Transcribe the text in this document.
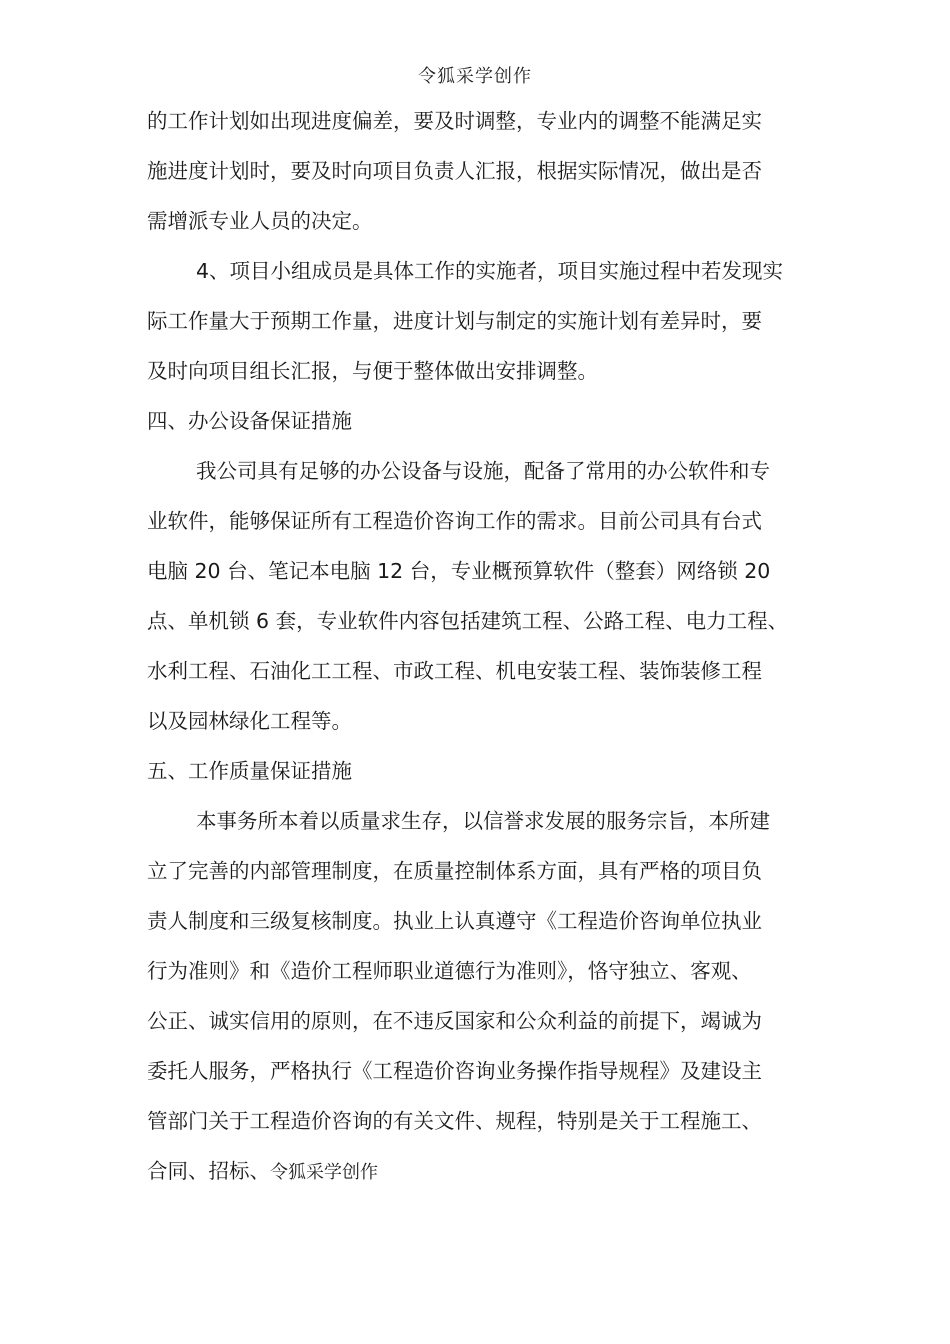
令狐采学创作
的工作计划如出现进度偏差，要及时调整，专业内的调整不能满足实
施进度计划时，要及时向项目负责人汇报，根据实际情况，做出是否
需增派专业人员的决定。
4、项目小组成员是具体工作的实施者，项目实施过程中若发现实
际工作量大于预期工作量，进度计划与制定的实施计划有差异时，要
及时向项目组长汇报，与便于整体做出安排调整。
四、办公设备保证措施
我公司具有足够的办公设备与设施，配备了常用的办公软件和专
业软件，能够保证所有工程造价咨询工作的需求。目前公司具有台式
电脑 20 台、笔记本电脑 12 台，专业概预算软件（整套）网络锁 20
点、单机锁 6 套，专业软件内容包括建筑工程、公路工程、电力工程、
水利工程、石油化工工程、市政工程、机电安装工程、装饰装修工程
以及园林绿化工程等。
五、工作质量保证措施
本事务所本着以质量求生存，以信誉求发展的服务宗旨，本所建
立了完善的内部管理制度，在质量控制体系方面，具有严格的项目负
责人制度和三级复核制度。执业上认真遵守《工程造价咨询单位执业
行为准则》和《造价工程师职业道德行为准则》，恪守独立、客观、
公正、诚实信用的原则，在不违反国家和公众利益的前提下，竭诚为
委托人服务，严格执行《工程造价咨询业务操作指导规程》及建设主
管部门关于工程造价咨询的有关文件、规程，特别是关于工程施工、
合同、招标、令狐采学创作
